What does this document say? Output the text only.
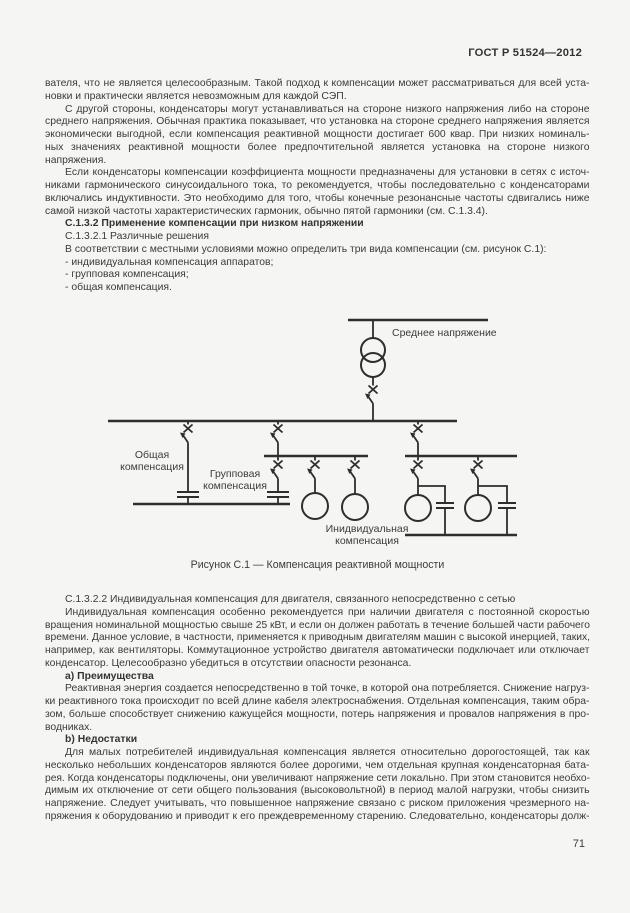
ГОСТ Р 51524—2012
вателя, что не является целесообразным. Такой подход к компенсации может рассматриваться для всей уста-
новки и практически является невозможным для каждой СЭП.
С другой стороны, конденсаторы могут устанавливаться на стороне низкого напряжения либо на стороне
среднего напряжения. Обычная практика показывает, что установка на стороне среднего напряжения является
экономически выгодной, если компенсация реактивной мощности достигает 600 квар. При низких номиналь-
ных значениях реактивной мощности более предпочтительной является установка на стороне низкого
напряжения.
Если конденсаторы компенсации коэффициента мощности предназначены для установки в сетях с источ-
никами гармонического синусоидального тока, то рекомендуется, чтобы последовательно с конденсаторами
включались индуктивности. Это необходимо для того, чтобы конечные резонансные частоты сдвигались ниже
самой низкой частоты характеристических гармоник, обычно пятой гармоники (см. С.1.3.4).
С.1.3.2 Применение компенсации при низком напряжении
С.1.3.2.1 Различные решения
В соответствии с местными условиями можно определить три вида компенсации (см. рисунок С.1):
- индивидуальная компенсация аппаратов;
- групповая компенсация;
- общая компенсация.
Среднее напряжение
Общая
компенсация
Групповая
компенсация
Инидвидуальная
компенсация
Рисунок С.1 — Компенсация реактивной мощности
С.1.3.2.2 Индивидуальная компенсация для двигателя, связанного непосредственно с сетью
Индивидуальная компенсация особенно рекомендуется при наличии двигателя с постоянной скоростью
вращения номинальной мощностью свыше 25 кВт, и если он должен работать в течение большей части рабочего
времени. Данное условие, в частности, применяется к приводным двигателям машин с высокой инерцией, таких,
например, как вентиляторы. Коммутационное устройство двигателя автоматически подключает или отключает
конденсатор. Целесообразно убедиться в отсутствии опасности резонанса.
а) Преимущества
Реактивная энергия создается непосредственно в той точке, в которой она потребляется. Снижение нагруз-
ки реактивного тока происходит по всей длине кабеля электроснабжения. Отдельная компенсация, таким обра-
зом, больше способствует снижению кажущейся мощности, потерь напряжения и провалов напряжения в про-
водниках.
b) Недостатки
Для малых потребителей индивидуальная компенсация является относительно дорогостоящей, так как
несколько небольших конденсаторов являются более дорогими, чем отдельная крупная конденсаторная бата-
рея. Когда конденсаторы подключены, они увеличивают напряжение сети локально. При этом становится необхо-
димым их отключение от сети общего пользования (высоковольтной) в период малой нагрузки, чтобы снизить
напряжение. Следует учитывать, что повышенное напряжение связано с риском приложения чрезмерного на-
пряжения к оборудованию и приводит к его преждевременному старению. Следовательно, конденсаторы долж-
71
